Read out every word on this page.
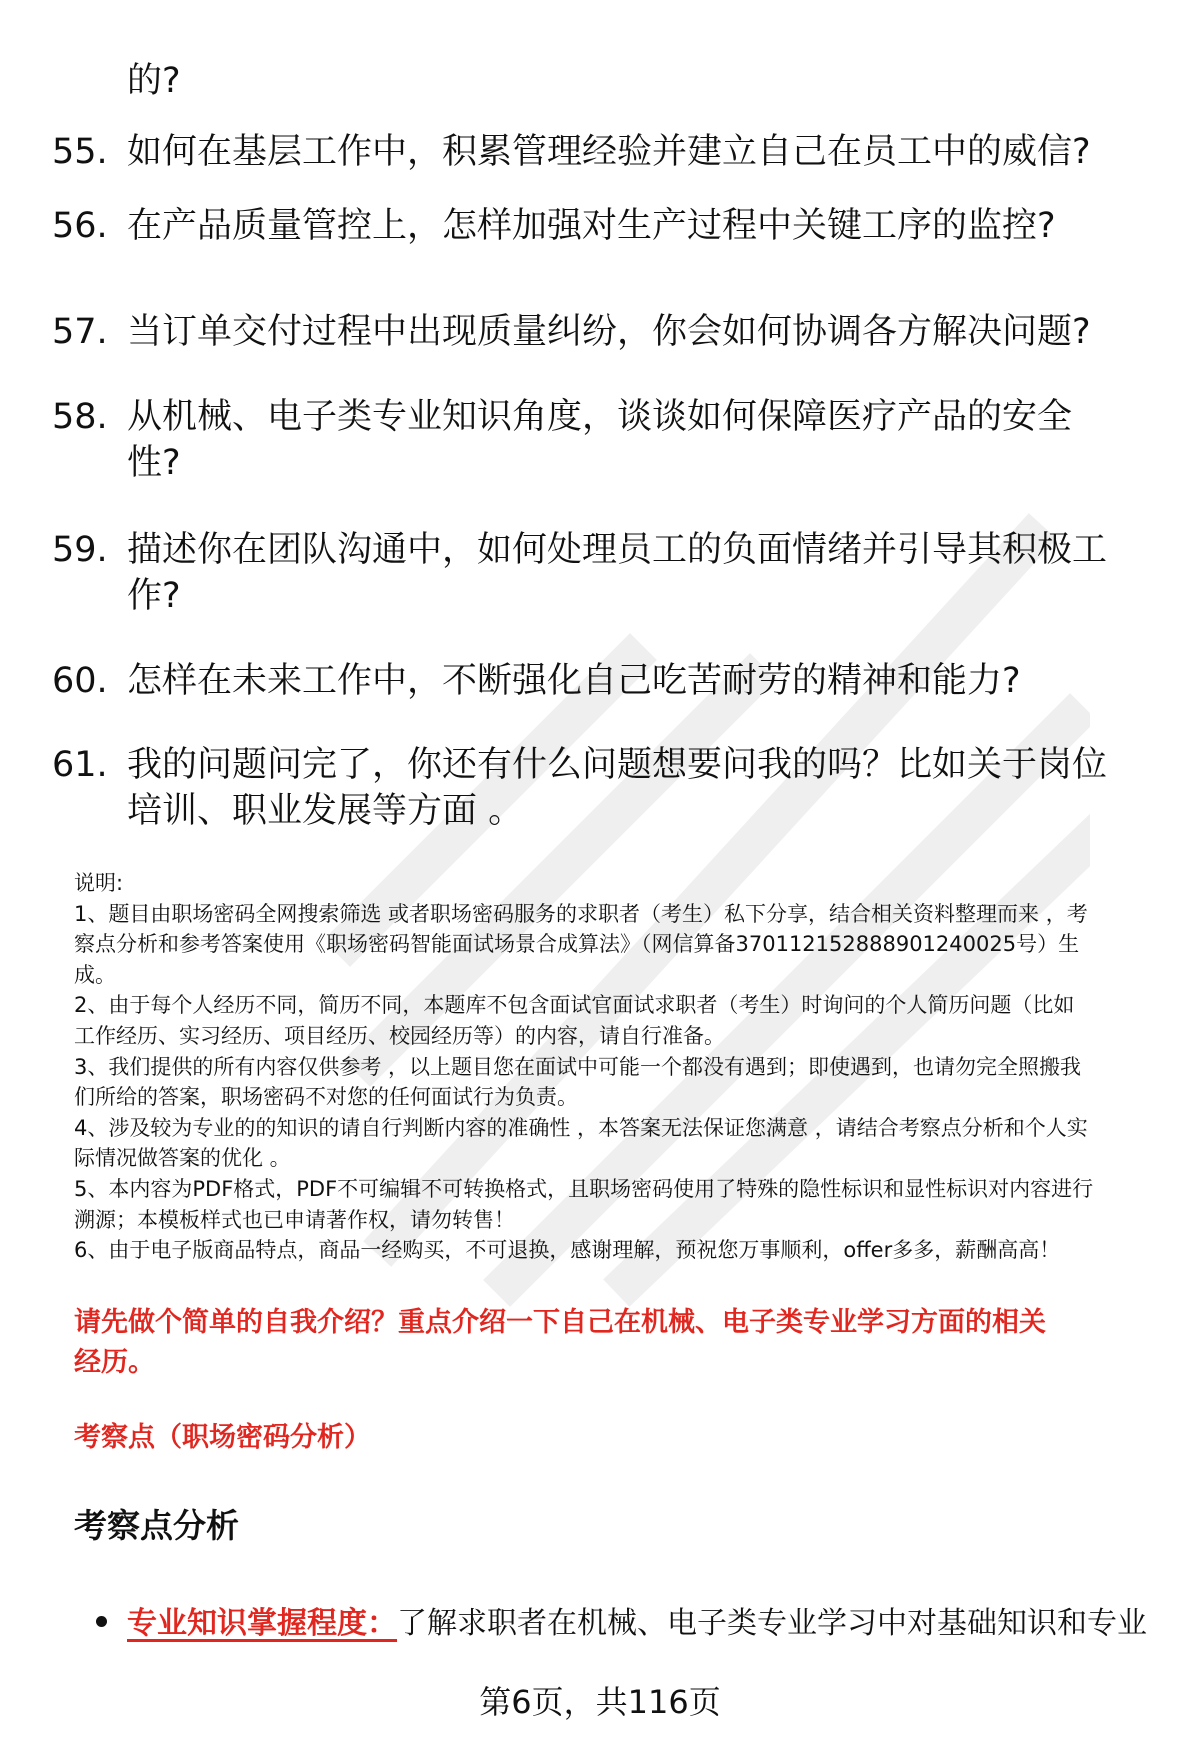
的?
55. 如何在基层工作中，积累管理经验并建立自己在员工中的威信?
56. 在产品质量管控上，怎样加强对生产过程中关键工序的监控?
57. 当订单交付过程中出现质量纠纷，你会如何协调各方解决问题?
58. 从机械、电子类专业知识角度，谈谈如何保障医疗产品的安全
性?
59. 描述你在团队沟通中，如何处理员工的负面情绪并引导其积极工
作?
60. 怎样在未来工作中，不断强化自己吃苦耐劳的精神和能力?
61. 我的问题问完了，你还有什么问题想要问我的吗？比如关于岗位
培训、职业发展等方面 。

说明:

1、题目由职场密码全网搜索筛选 或者职场密码服务的求职者（考生）私下分享，结合相关资料整理而来 ，考

察点分析和参考答案使用《职场密码智能面试场景合成算法》（网信算备370112152888901240025号）生

成。

2、由于每个人经历不同，简历不同，本题库不包含面试官面试求职者（考生）时询问的个人简历问题（比如

工作经历、实习经历、项目经历、校园经历等）的内容，请自行准备。

3、我们提供的所有内容仅供参考 ，以上题目您在面试中可能一个都没有遇到；即使遇到，也请勿完全照搬我

们所给的答案，职场密码不对您的任何面试行为负责。

4、涉及较为专业的的知识的请自行判断内容的准确性 ，本答案无法保证您满意 ，请结合考察点分析和个人实

际情况做答案的优化 。

5、本内容为PDF格式，PDF不可编辑不可转换格式，且职场密码使用了特殊的隐性标识和显性标识对内容进行

溯源；本模板样式也已申请著作权，请勿转售！

6、由于电子版商品特点，商品一经购买，不可退换，感谢理解，预祝您万事顺利，offer多多，薪酬高高！

请先做个简单的自我介绍？重点介绍一下自己在机械、电子类专业学习方面的相关
经历。
考察点（职场密码分析）
考察点分析
专业知识掌握程度：了解求职者在机械、电子类专业学习中对基础知识和专业
第6页，共116页
